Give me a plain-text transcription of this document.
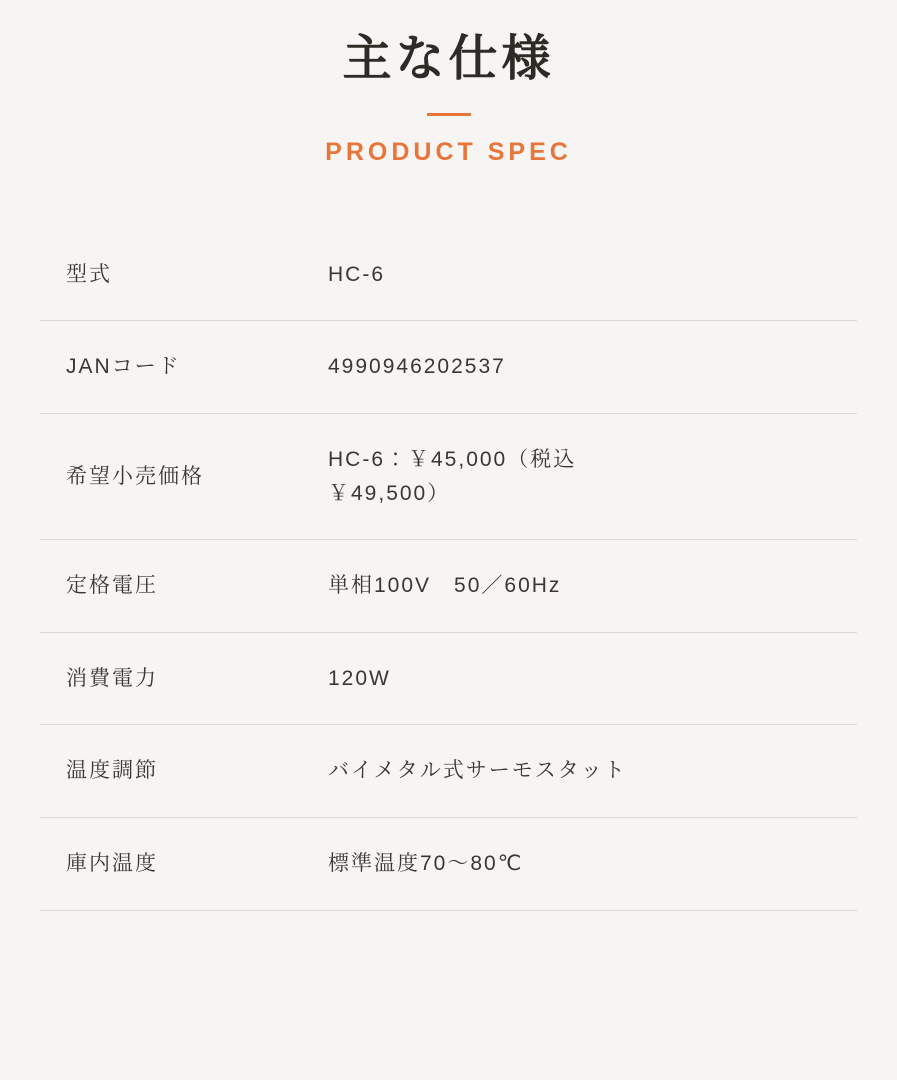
主な仕様
PRODUCT SPEC
型式	HC-6

JANコード	4990946202537

希望小売価格	HC-6：￥45,000（税込
￥49,500）

定格電圧	単相100V　50／60Hz

消費電力	120W

温度調節	バイメタル式サーモスタット

庫内温度	標準温度70〜80℃
